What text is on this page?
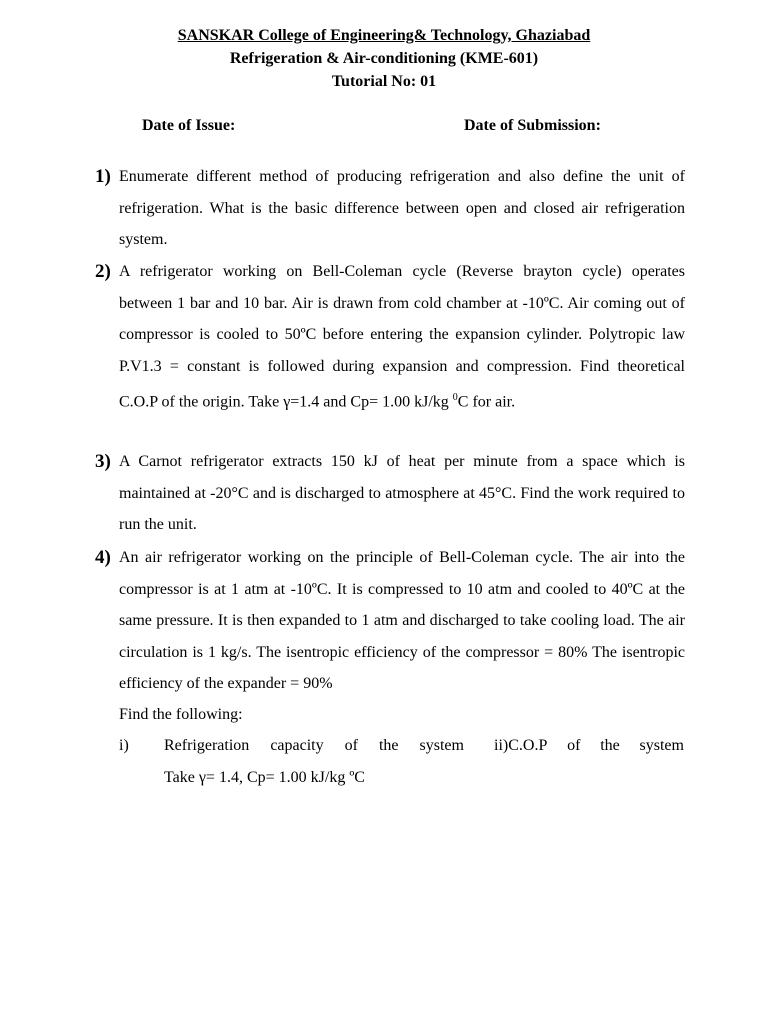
SANSKAR College of Engineering& Technology, Ghaziabad
Refrigeration & Air-conditioning (KME-601)
Tutorial No: 01
Date of Issue:	Date of Submission:
1) Enumerate different method of producing refrigeration and also define the unit of refrigeration. What is the basic difference between open and closed air refrigeration system.
2) A refrigerator working on Bell-Coleman cycle (Reverse brayton cycle) operates between 1 bar and 10 bar. Air is drawn from cold chamber at -10ºC. Air coming out of compressor is cooled to 50ºC before entering the expansion cylinder. Polytropic law P.V1.3 = constant is followed during expansion and compression. Find theoretical C.O.P of the origin. Take γ=1.4 and Cp= 1.00 kJ/kg $^0$C for air.
3) A Carnot refrigerator extracts 150 kJ of heat per minute from a space which is maintained at -20°C and is discharged to atmosphere at 45°C. Find the work required to run the unit.
4) An air refrigerator working on the principle of Bell-Coleman cycle. The air into the compressor is at 1 atm at -10ºC. It is compressed to 10 atm and cooled to 40ºC at the same pressure. It is then expanded to 1 atm and discharged to take cooling load. The air circulation is 1 kg/s. The isentropic efficiency of the compressor = 80% The isentropic efficiency of the expander = 90%
Find the following:
i) Refrigeration capacity of the system ii)C.O.P of the system
Take γ= 1.4, Cp= 1.00 kJ/kg ºC
